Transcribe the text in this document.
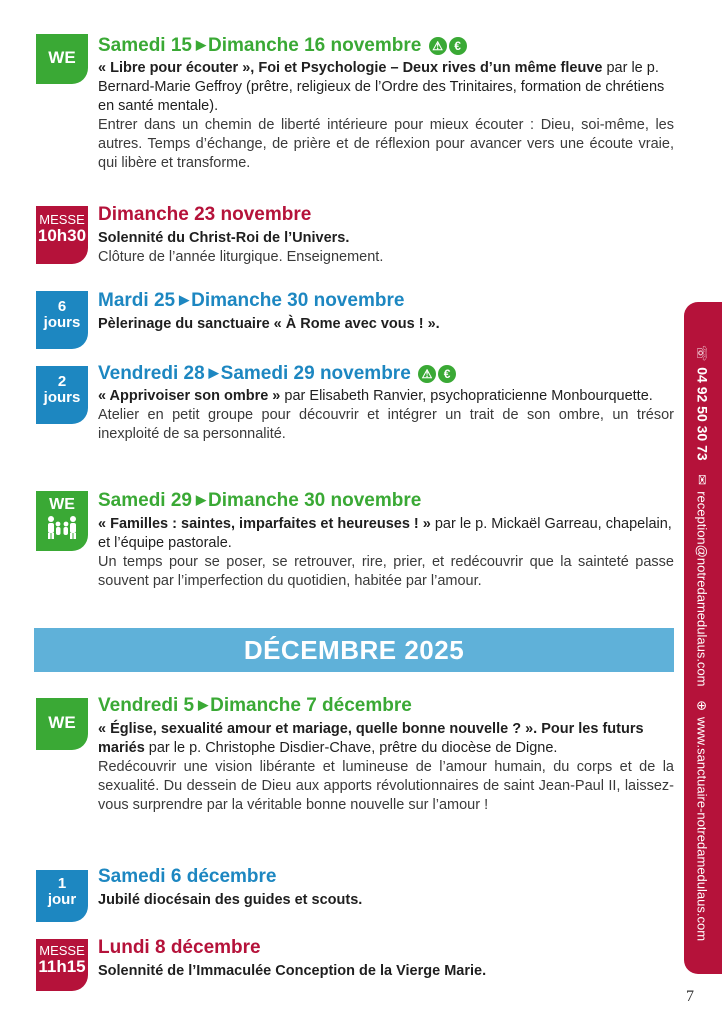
WE
Samedi 15 ▶ Dimanche 16 novembre ⚠ €
« Libre pour écouter », Foi et Psychologie – Deux rives d’un même fleuve par le p. Bernard-Marie Geffroy (prêtre, religieux de l’Ordre des Trinitaires, formation de chrétiens en santé mentale).
Entrer dans un chemin de liberté intérieure pour mieux écouter : Dieu, soi-même, les autres. Temps d’échange, de prière et de réflexion pour avancer vers une écoute vraie, qui libère et transforme.
MESSE
10h30
Dimanche 23 novembre
Solennité du Christ-Roi de l’Univers.
Clôture de l’année liturgique. Enseignement.
6
jours
Mardi 25 ▶ Dimanche 30 novembre
Pèlerinage du sanctuaire « À Rome avec vous ! ».
2
jours
Vendredi 28 ▶ Samedi 29 novembre ⚠ €
« Apprivoiser son ombre » par Elisabeth Ranvier, psychopraticienne Monbourquette.
Atelier en petit groupe pour découvrir et intégrer un trait de son ombre, un trésor inexploité de sa personnalité.
WE	Samedi 29 ▶ Dimanche 30 novembre
« Familles : saintes, imparfaites et heureuses ! » par le p. Mickaël Garreau, chapelain, et l’équipe pastorale.
Un temps pour se poser, se retrouver, rire, prier, et redécouvrir que la sainteté passe souvent par l’imperfection du quotidien, habitée par l’amour.
DÉCEMBRE 2025
WE
Vendredi 5 ▶ Dimanche 7 décembre
« Église, sexualité amour et mariage, quelle bonne nouvelle ? ». Pour les futurs mariés par le p. Christophe Disdier-Chave, prêtre du diocèse de Digne.
Redécouvrir une vision libérante et lumineuse de l’amour humain, du corps et de la sexualité. Du dessein de Dieu aux apports révolutionnaires de saint Jean-Paul II, laissez-vous surprendre par la véritable bonne nouvelle sur l’amour !
1
jour
Samedi 6 décembre
Jubilé diocésain des guides et scouts.
MESSE
11h15
Lundi 8 décembre
Solennité de l’Immaculée Conception de la Vierge Marie.
☏04 92 50 30 73 ✉reception@notredamedulaus.com ⊕www.sanctuaire-notredamedulaus.com
7
